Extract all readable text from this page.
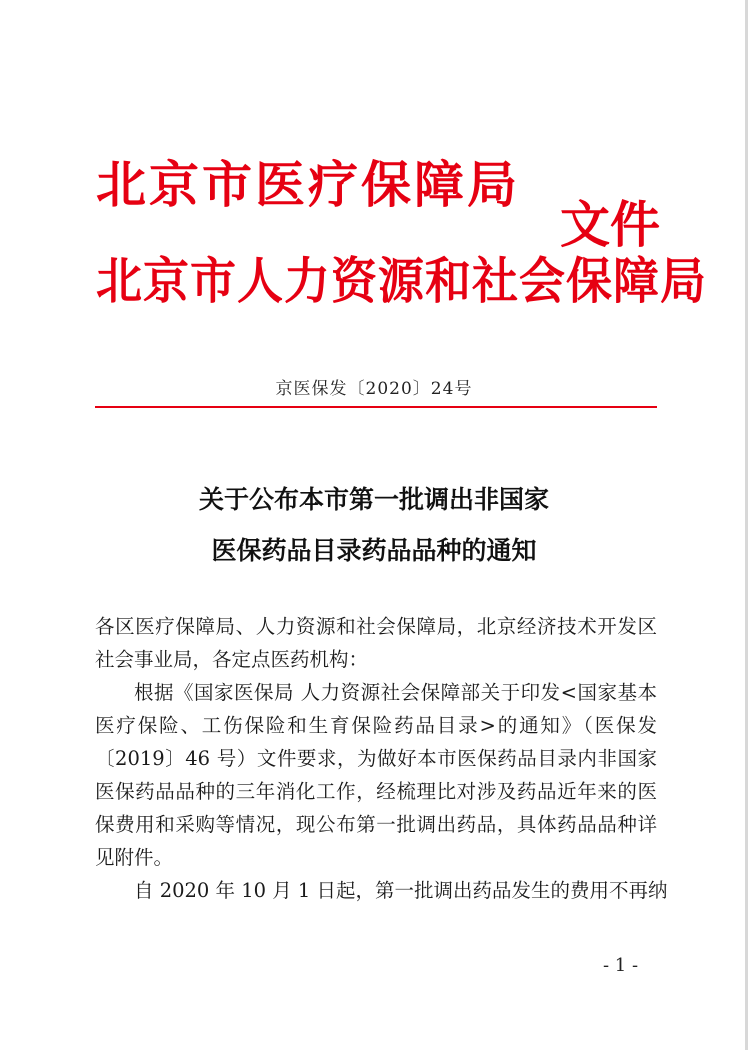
北京市医疗保障局
北京市人力资源和社会保障局
文件
京医保发〔2020〕24号
关于公布本市第一批调出非国家
医保药品目录药品品种的通知
各区医疗保障局、人力资源和社会保障局，北京经济技术开发区
社会事业局，各定点医药机构：
根据《国家医保局 人力资源社会保障部关于印发<国家基本
医疗保险、工伤保险和生育保险药品目录>的通知》（医保发
〔2019〕46 号）文件要求，为做好本市医保药品目录内非国家
医保药品品种的三年消化工作，经梳理比对涉及药品近年来的医
保费用和采购等情况，现公布第一批调出药品，具体药品品种详
见附件。
自 2020 年 10 月 1 日起，第一批调出药品发生的费用不再纳
- 1 -
